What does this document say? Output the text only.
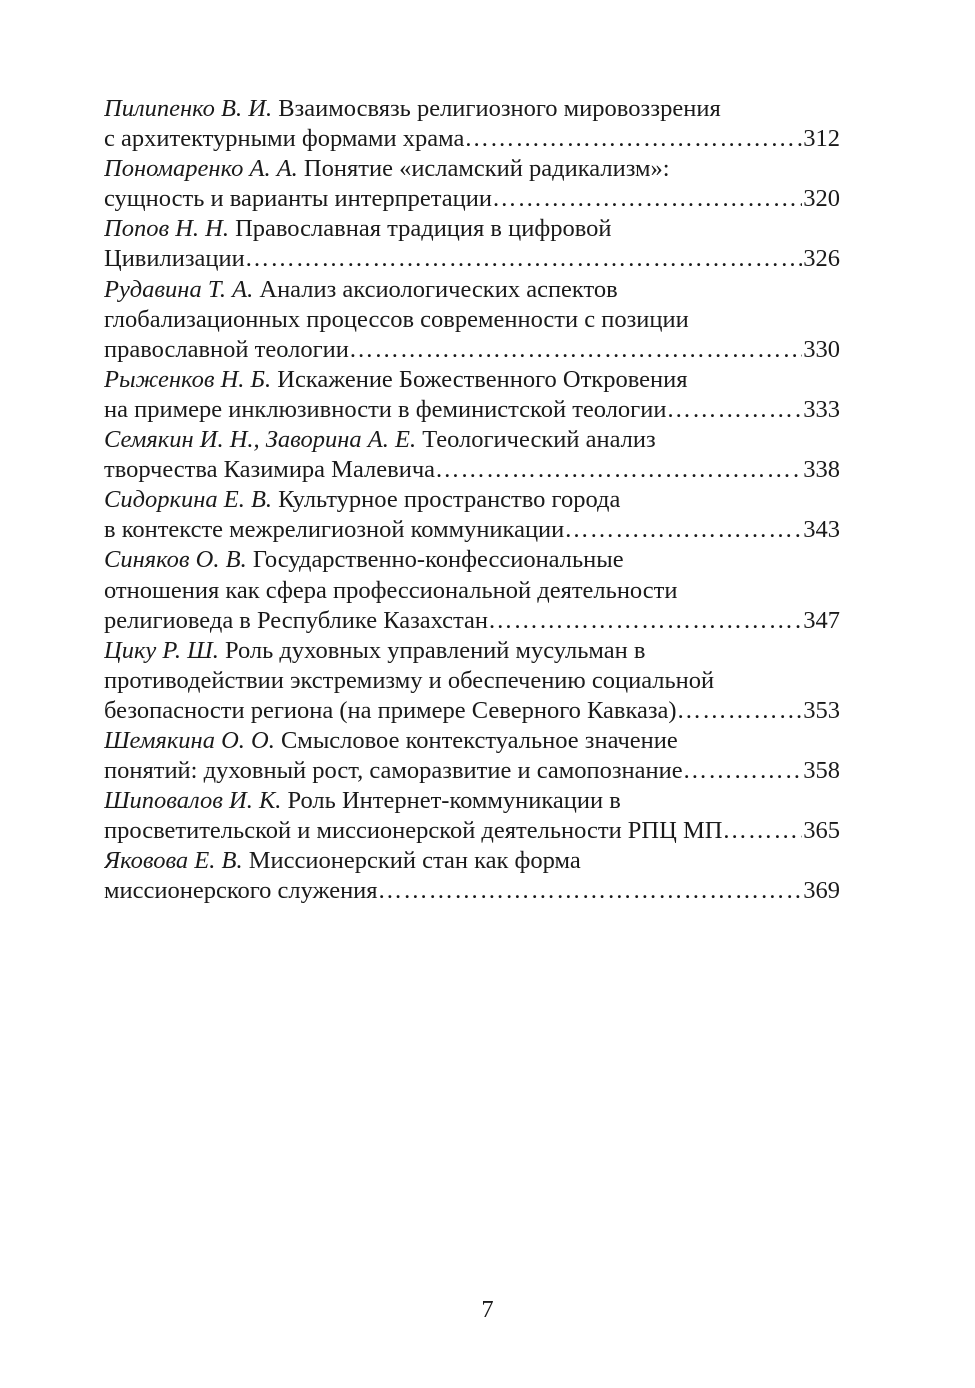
Пилипенко В. И. Взаимосвязь религиозного мировоззрения
с архитектурными формами храма ……………………………………………………………………………………………………………………………………	312
Пономаренко А. А. Понятие «исламский радикализм»:
сущность и варианты интерпретации ……………………………………………………………………………………………………………………………………	320
Попов Н. Н. Православная традиция в цифровой
Цивилизации ……………………………………………………………………………………………………………………………………	326
Рудавина Т. А. Анализ аксиологических аспектов
глобализационных процессов современности с позиции
православной теологии ……………………………………………………………………………………………………………………………………	330
Рыженков Н. Б. Искажение Божественного Откровения
на примере инклюзивности в феминистской теологии ……………………………………………………………………………………………………………………………………	333
Семякин И. Н., Заворина А. Е. Теологический анализ
творчества Казимира Малевича ……………………………………………………………………………………………………………………………………	338
Сидоркина Е. В. Культурное пространство города
в контексте межрелигиозной коммуникации ……………………………………………………………………………………………………………………………………	343
Синяков О. В. Государственно-конфессиональные
отношения как сфера профессиональной деятельности
религиоведа в Республике Казахстан ……………………………………………………………………………………………………………………………………	347
Цику Р. Ш. Роль духовных управлений мусульман в
противодействии экстремизму и обеспечению социальной
безопасности региона (на примере Северного Кавказа) ……………………………………………………………………………………………………………………………………	353
Шемякина О. О. Смысловое контекстуальное значение
понятий: духовный рост, саморазвитие и самопознание ……………………………………………………………………………………………………………………………………	358
Шиповалов И. К. Роль Интернет-коммуникации в
просветительской и миссионерской деятельности РПЦ МП ……………………………………………………………………………………………………………………………………	365
Яковова Е. В. Миссионерский стан как форма
миссионерского служения ……………………………………………………………………………………………………………………………………	369
7
